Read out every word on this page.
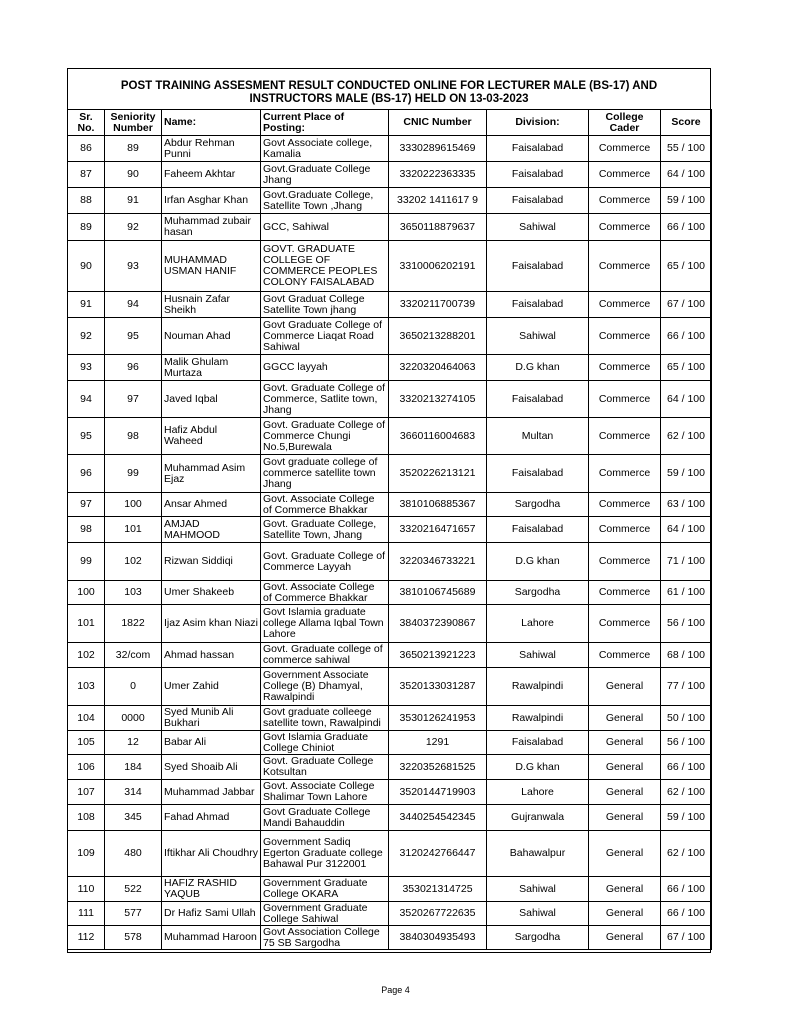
POST TRAINING ASSESMENT RESULT CONDUCTED ONLINE FOR LECTURER MALE (BS-17) AND
INSTRUCTORS MALE (BS-17) HELD ON 13-03-2023
Sr. No.	Seniority Number	Name:	Current Place of Posting:	CNIC Number	Division:	College Cader	Score
86	89	Abdur Rehman Punni	Govt Associate college, Kamalia	3330289615469	Faisalabad	Commerce	55 / 100
87	90	Faheem Akhtar	Govt.Graduate College Jhang	3320222363335	Faisalabad	Commerce	64 / 100
88	91	Irfan Asghar Khan	Govt.Graduate College, Satellite Town ,Jhang	33202 1411617 9	Faisalabad	Commerce	59 / 100
89	92	Muhammad zubair hasan	GCC, Sahiwal	3650118879637	Sahiwal	Commerce	66 / 100
90	93	MUHAMMAD USMAN HANIF	GOVT. GRADUATE COLLEGE OF COMMERCE PEOPLES COLONY FAISALABAD	3310006202191	Faisalabad	Commerce	65 / 100
91	94	Husnain Zafar Sheikh	Govt Graduat College Satellite Town jhang	3320211700739	Faisalabad	Commerce	67 / 100
92	95	Nouman Ahad	Govt Graduate College of Commerce Liaqat Road Sahiwal	3650213288201	Sahiwal	Commerce	66 / 100
93	96	Malik Ghulam Murtaza	GGCC layyah	3220320464063	D.G khan	Commerce	65 / 100
94	97	Javed Iqbal	Govt. Graduate College of Commerce, Satlite town, Jhang	3320213274105	Faisalabad	Commerce	64 / 100
95	98	Hafiz Abdul Waheed	Govt. Graduate College of Commerce Chungi No.5,Burewala	3660116004683	Multan	Commerce	62 / 100
96	99	Muhammad Asim Ejaz	Govt graduate college of commerce satellite town Jhang	3520226213121	Faisalabad	Commerce	59 / 100
97	100	Ansar Ahmed	Govt. Associate College of Commerce Bhakkar	3810106885367	Sargodha	Commerce	63 / 100
98	101	AMJAD MAHMOOD	Govt. Graduate College, Satellite Town, Jhang	3320216471657	Faisalabad	Commerce	64 / 100
99	102	Rizwan Siddiqi	Govt. Graduate College of Commerce Layyah	3220346733221	D.G khan	Commerce	71 / 100
100	103	Umer Shakeeb	Govt. Associate College of Commerce Bhakkar	3810106745689	Sargodha	Commerce	61 / 100
101	1822	Ijaz Asim khan Niazi	Govt Islamia graduate college Allama Iqbal Town Lahore	3840372390867	Lahore	Commerce	56 / 100
102	32/com	Ahmad hassan	Govt. Graduate college of commerce sahiwal	3650213921223	Sahiwal	Commerce	68 / 100
103	0	Umer Zahid	Government Associate College (B) Dhamyal, Rawalpindi	3520133031287	Rawalpindi	General	77 / 100
104	0000	Syed Munib Ali Bukhari	Govt graduate colleege satellite town, Rawalpindi	3530126241953	Rawalpindi	General	50 / 100
105	12	Babar Ali	Govt Islamia Graduate College Chiniot	1291	Faisalabad	General	56 / 100
106	184	Syed Shoaib Ali	Govt. Graduate College Kotsultan	3220352681525	D.G khan	General	66 / 100
107	314	Muhammad Jabbar	Govt. Associate College Shalimar Town Lahore	3520144719903	Lahore	General	62 / 100
108	345	Fahad Ahmad	Govt Graduate College Mandi Bahauddin	3440254542345	Gujranwala	General	59 / 100
109	480	Iftikhar Ali Choudhry	Government Sadiq Egerton Graduate college Bahawal Pur 3122001	3120242766447	Bahawalpur	General	62 / 100
110	522	HAFIZ RASHID YAQUB	Government Graduate College OKARA	353021314725	Sahiwal	General	66 / 100
111	577	Dr Hafiz Sami Ullah	Government Graduate College Sahiwal	3520267722635	Sahiwal	General	66 / 100
112	578	Muhammad Haroon	Govt Association College 75 SB Sargodha	3840304935493	Sargodha	General	67 / 100
Page 4
